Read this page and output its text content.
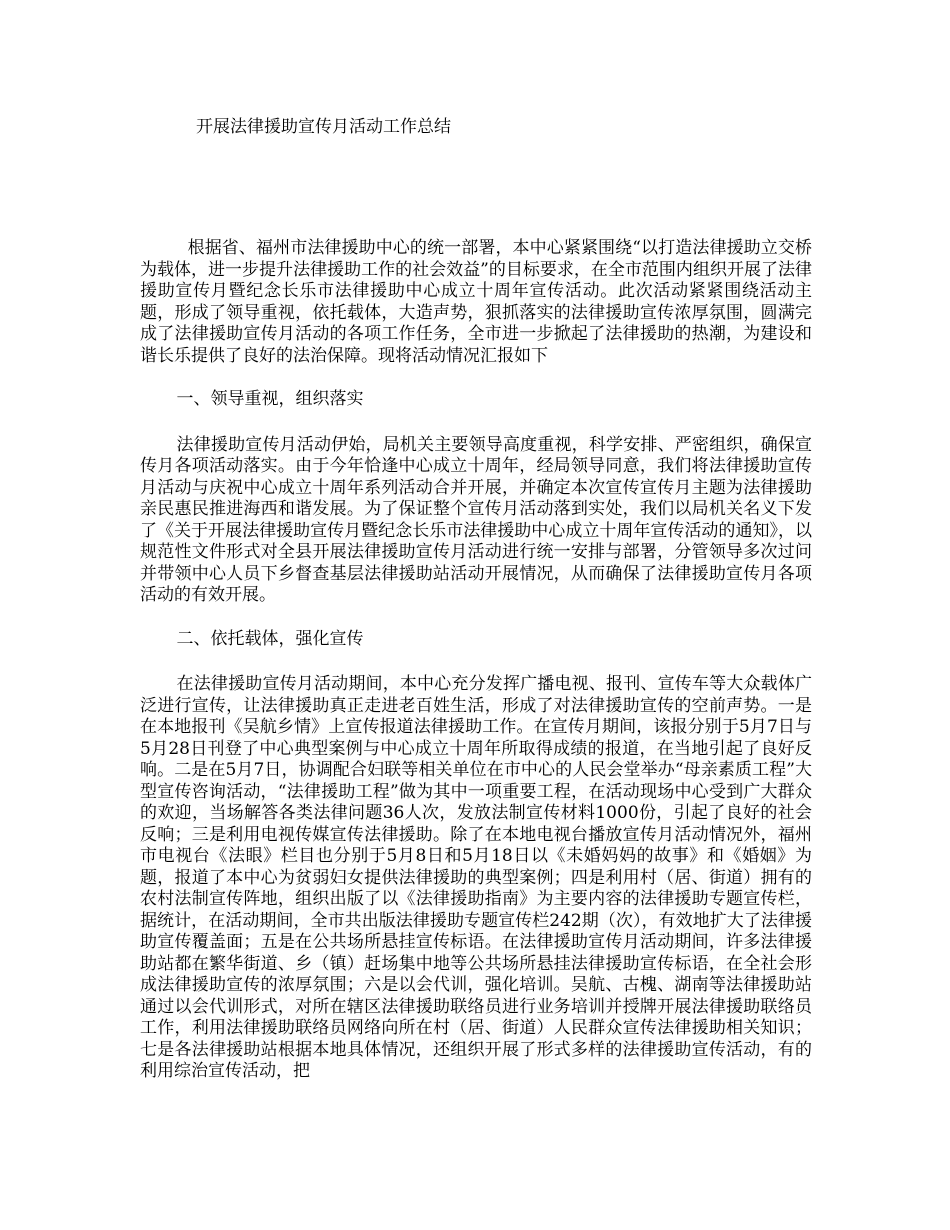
开展法律援助宣传月活动工作总结

根据省、福州市法律援助中心的统一部署，本中心紧紧围绕“以打造法律援助立交桥为载体，进一步提升法律援助工作的社会效益”的目标要求，在全市范围内组织开展了法律援助宣传月暨纪念长乐市法律援助中心成立十周年宣传活动。此次活动紧紧围绕活动主题，形成了领导重视，依托载体，大造声势，狠抓落实的法律援助宣传浓厚氛围，圆满完成了法律援助宣传月活动的各项工作任务，全市进一步掀起了法律援助的热潮，为建设和谐长乐提供了良好的法治保障。现将活动情况汇报如下

一、领导重视，组织落实

法律援助宣传月活动伊始，局机关主要领导高度重视，科学安排、严密组织，确保宣传月各项活动落实。由于今年恰逢中心成立十周年，经局领导同意，我们将法律援助宣传月活动与庆祝中心成立十周年系列活动合并开展，并确定本次宣传宣传月主题为法律援助亲民惠民推进海西和谐发展。为了保证整个宣传月活动落到实处，我们以局机关名义下发了《关于开展法律援助宣传月暨纪念长乐市法律援助中心成立十周年宣传活动的通知》，以规范性文件形式对全县开展法律援助宣传月活动进行统一安排与部署，分管领导多次过问并带领中心人员下乡督查基层法律援助站活动开展情况，从而确保了法律援助宣传月各项活动的有效开展。

二、依托载体，强化宣传

在法律援助宣传月活动期间，本中心充分发挥广播电视、报刊、宣传车等大众载体广泛进行宣传，让法律援助真正走进老百姓生活，形成了对法律援助宣传的空前声势。一是在本地报刊《吴航乡情》上宣传报道法律援助工作。在宣传月期间，该报分别于5月7日与5月28日刊登了中心典型案例与中心成立十周年所取得成绩的报道，在当地引起了良好反响。二是在5月7日，协调配合妇联等相关单位在市中心的人民会堂举办“母亲素质工程”大型宣传咨询活动，“法律援助工程”做为其中一项重要工程，在活动现场中心受到广大群众的欢迎，当场解答各类法律问题36人次，发放法制宣传材料1000份，引起了良好的社会反响；三是利用电视传媒宣传法律援助。除了在本地电视台播放宣传月活动情况外，福州市电视台《法眼》栏目也分别于5月8日和5月18日以《未婚妈妈的故事》和《婚姻》为题，报道了本中心为贫弱妇女提供法律援助的典型案例；四是利用村（居、街道）拥有的农村法制宣传阵地，组织出版了以《法律援助指南》为主要内容的法律援助专题宣传栏，据统计，在活动期间，全市共出版法律援助专题宣传栏242期（次），有效地扩大了法律援助宣传覆盖面；五是在公共场所悬挂宣传标语。在法律援助宣传月活动期间，许多法律援助站都在繁华街道、乡（镇）赶场集中地等公共场所悬挂法律援助宣传标语，在全社会形成法律援助宣传的浓厚氛围；六是以会代训，强化培训。吴航、古槐、湖南等法律援助站通过以会代训形式，对所在辖区法律援助联络员进行业务培训并授牌开展法律援助联络员工作，利用法律援助联络员网络向所在村（居、街道）人民群众宣传法律援助相关知识；七是各法律援助站根据本地具体情况，还组织开展了形式多样的法律援助宣传活动，有的利用综治宣传活动，把
